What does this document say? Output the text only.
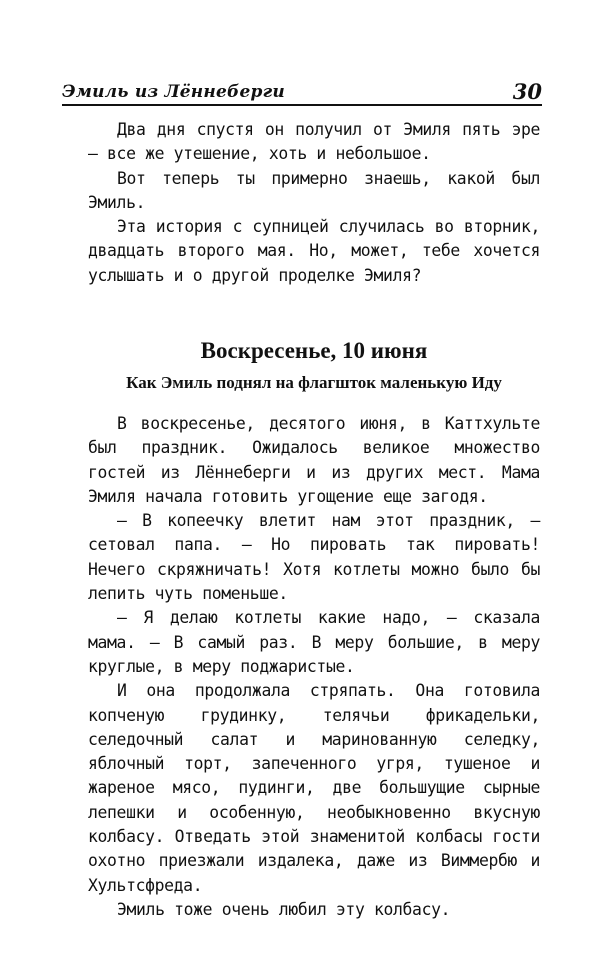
Эмиль из Лённеберги	30

Два дня спустя он получил от Эмиля пять эре — все же утешение, хоть и небольшое.

Вот теперь ты примерно знаешь, какой был Эмиль.

Эта история с супницей случилась во вторник, двадцать второго мая. Но, может, тебе хочется услышать и о другой проделке Эмиля?

Воскресенье, 10 июня
Как Эмиль поднял на флагшток маленькую Иду

В воскресенье, десятого июня, в Каттхульте был праздник. Ожидалось великое множество гостей из Лённеберги и из других мест. Мама Эмиля начала готовить угощение еще загодя.

— В копеечку влетит нам этот праздник, — сетовал папа. — Но пировать так пировать! Нечего скряжничать! Хотя котлеты можно было бы лепить чуть поменьше.

— Я делаю котлеты какие надо, — сказала мама. — В самый раз. В меру большие, в меру круглые, в меру поджаристые.

И она продолжала стряпать. Она готовила копченую грудинку, телячьи фрикадельки, селедочный салат и маринованную селедку, яблочный торт, запеченного угря, тушеное и жареное мясо, пудинги, две большущие сырные лепешки и особенную, необыкновенно вкусную колбасу. Отведать этой знаменитой колбасы гости охотно приезжали издалека, даже из Виммербю и Хультсфреда.

Эмиль тоже очень любил эту колбасу.
